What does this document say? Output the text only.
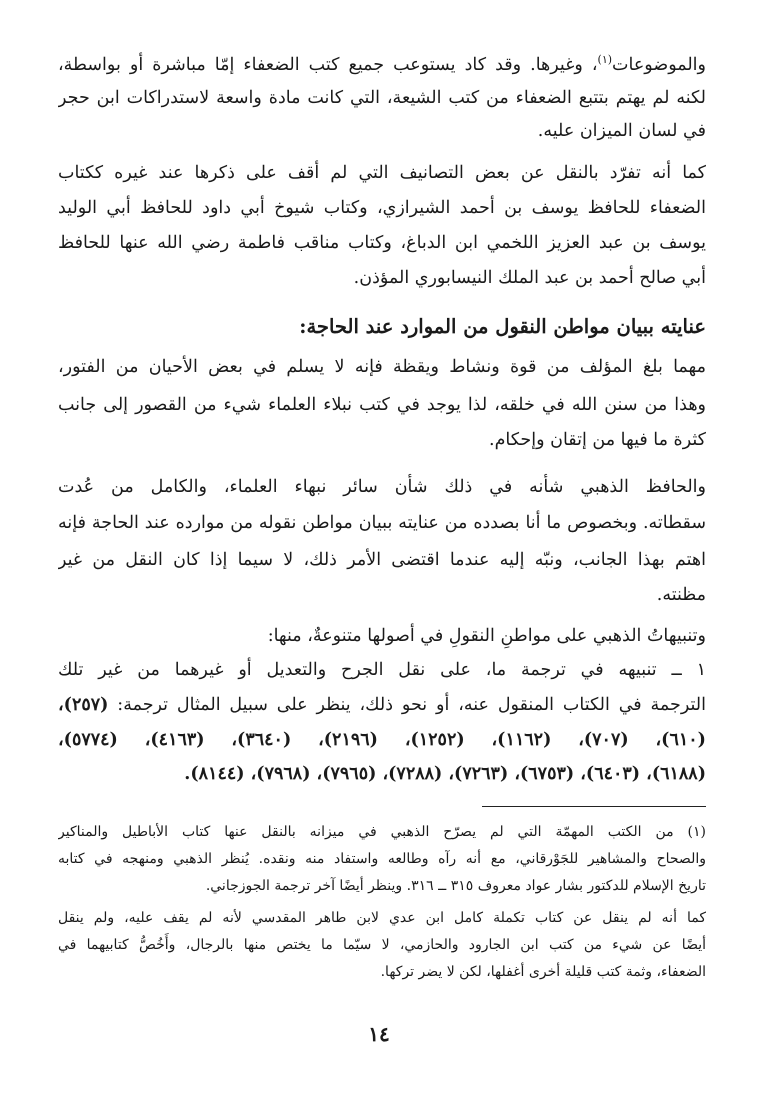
والموضوعات$^{(١)}$، وغيرها. وقد كاد يستوعب جميع كتب الضعفاء إمّا مباشرة أو بواسطة،
لكنه لم يهتم بتتبع الضعفاء من كتب الشيعة، التي كانت مادة واسعة لاستدراكات ابن حجر
في لسان الميزان عليه.
كما أنه تفرّد بالنقل عن بعض التصانيف التي لم أقف على ذكرها عند غيره ككتاب
الضعفاء للحافظ يوسف بن أحمد الشيرازي، وكتاب شيوخ أبي داود للحافظ أبي الوليد
يوسف بن عبد العزيز اللخمي ابن الدباغ، وكتاب مناقب فاطمة رضي الله عنها للحافظ
أبي صالح أحمد بن عبد الملك النيسابوري المؤذن.
عنايته ببيان مواطن النقول من الموارد عند الحاجة:
مهما بلغ المؤلف من قوة ونشاط ويقظة فإنه لا يسلم في بعض الأحيان من الفتور،
وهذا من سنن الله في خلقه، لذا يوجد في كتب نبلاء العلماء شيء من القصور إلى جانب
كثرة ما فيها من إتقان وإحكام.
والحافظ الذهبي شأنه في ذلك شأن سائر نبهاء العلماء، والكامل من عُدت
سقطاته. وبخصوص ما أنا بصدده من عنايته ببيان مواطن نقوله من موارده عند الحاجة فإنه
اهتم بهذا الجانب، ونبّه إليه عندما اقتضى الأمر ذلك، لا سيما إذا كان النقل من غير
مظنته.
وتنبيهاتُ الذهبي على مواطنِ النقولِ في أصولها متنوعةٌ، منها:
١ ــ تنبيهه في ترجمة ما، على نقل الجرح والتعديل أو غيرهما من غير تلك
الترجمة في الكتاب المنقول عنه، أو نحو ذلك، ينظر على سبيل المثال ترجمة: (٢٥٧)،
(٦١٠)، (٧٠٧)، (١١٦٢)، (١٢٥٢)، (٢١٩٦)، (٣٦٤٠)، (٤١٦٣)، (٥٧٧٤)،
(٦١٨٨)، (٦٤٠٣)، (٦٧٥٣)، (٧٢٦٣)، (٧٢٨٨)، (٧٩٦٥)، (٧٩٦٨)، (٨١٤٤).
(١) من الكتب المهمّة التي لم يصرّح الذهبي في ميزانه بالنقل عنها كتاب الأباطيل والمناكير
والصحاح والمشاهير للجَوْرقاني، مع أنه رآه وطالعه واستفاد منه ونقده. يُنظر الذهبي ومنهجه في كتابه
تاريخ الإسلام للدكتور بشار عواد معروف ٣١٥ ــ ٣١٦. وينظر أيضًا آخر ترجمة الجوزجاني.
كما أنه لم ينقل عن كتاب تكملة كامل ابن عدي لابن طاهر المقدسي لأنه لم يقف عليه، ولم ينقل
أيضًا عن شيء من كتب ابن الجارود والحازمي، لا سيّما ما يختص منها بالرجال، وأَخُصُّ كتابيهما في
الضعفاء، وثمة كتب قليلة أخرى أغفلها، لكن لا يضر تركها.
١٤
